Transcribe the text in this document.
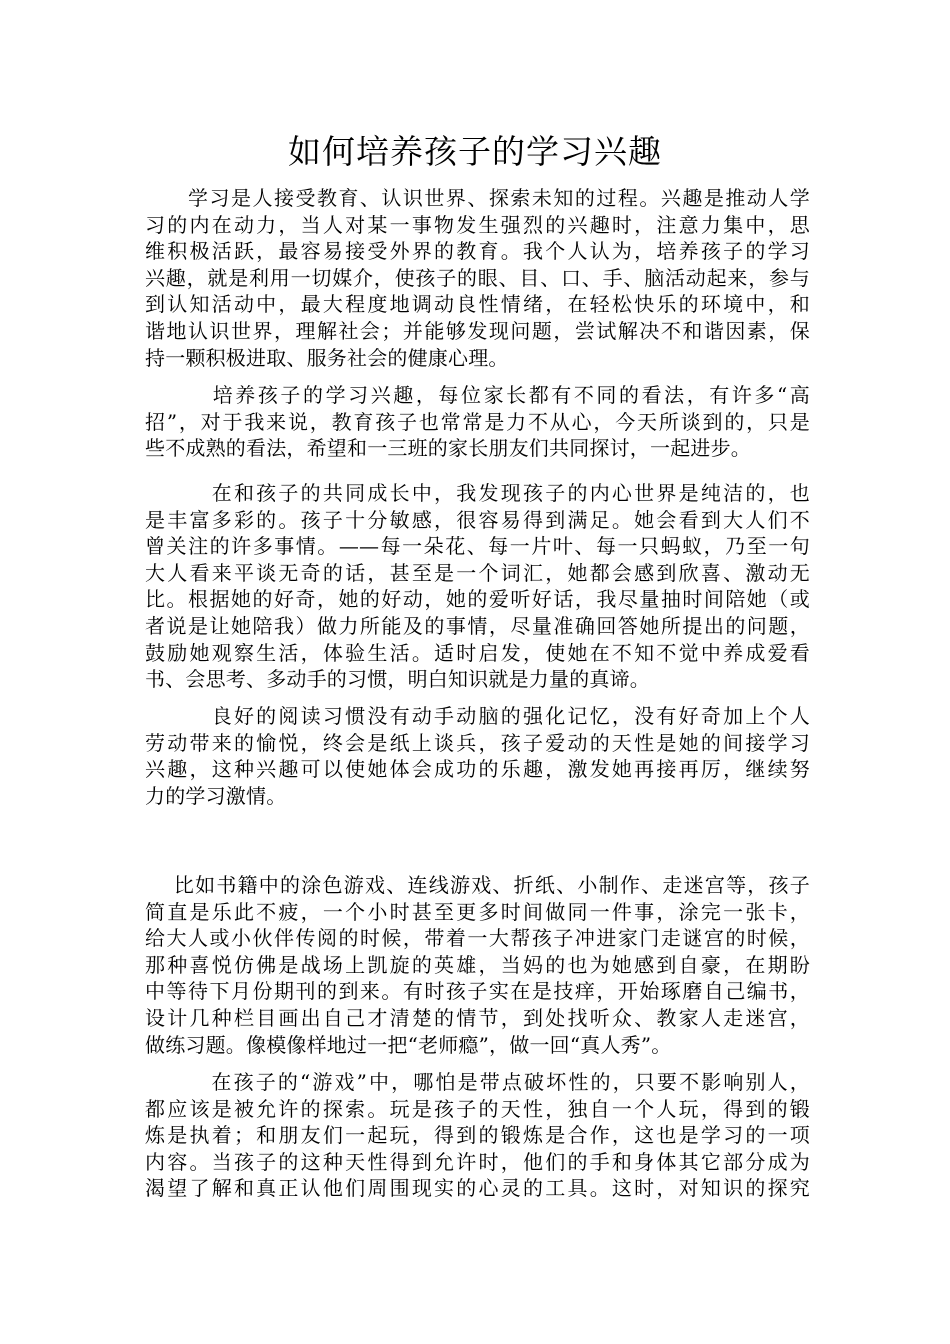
如何培养孩子的学习兴趣
　　学习是人接受教育、认识世界、探索未知的过程。兴趣是推动人学
习的内在动力，当人对某一事物发生强烈的兴趣时，注意力集中，思
维积极活跃，最容易接受外界的教育。我个人认为，培养孩子的学习
兴趣，就是利用一切媒介，使孩子的眼、目、口、手、脑活动起来，参与
到认知活动中，最大程度地调动良性情绪，在轻松快乐的环境中，和
谐地认识世界，理解社会；并能够发现问题，尝试解决不和谐因素，保
持一颗积极进取、服务社会的健康心理。
　　　培养孩子的学习兴趣，每位家长都有不同的看法，有许多“高
招”，对于我来说，教育孩子也常常是力不从心，今天所谈到的，只是
些不成熟的看法，希望和一三班的家长朋友们共同探讨，一起进步。
　　　在和孩子的共同成长中，我发现孩子的内心世界是纯洁的，也
是丰富多彩的。孩子十分敏感，很容易得到满足。她会看到大人们不
曾关注的许多事情。——每一朵花、每一片叶、每一只蚂蚁，乃至一句
大人看来平谈无奇的话，甚至是一个词汇，她都会感到欣喜、激动无
比。根据她的好奇，她的好动，她的爱听好话，我尽量抽时间陪她（或
者说是让她陪我）做力所能及的事情，尽量准确回答她所提出的问题，
鼓励她观察生活，体验生活。适时启发，使她在不知不觉中养成爱看
书、会思考、多动手的习惯，明白知识就是力量的真谛。
　　　良好的阅读习惯没有动手动脑的强化记忆，没有好奇加上个人
劳动带来的愉悦，终会是纸上谈兵，孩子爱动的天性是她的间接学习
兴趣，这种兴趣可以使她体会成功的乐趣，激发她再接再厉，继续努
力的学习激情。
　 比如书籍中的涂色游戏、连线游戏、折纸、小制作、走迷宫等，孩子
简直是乐此不疲，一个小时甚至更多时间做同一件事，涂完一张卡，
给大人或小伙伴传阅的时候，带着一大帮孩子冲进家门走谜宫的时候，
那种喜悦仿佛是战场上凯旋的英雄，当妈的也为她感到自豪，在期盼
中等待下月份期刊的到来。有时孩子实在是技痒，开始琢磨自己编书，
设计几种栏目画出自己才清楚的情节，到处找听众、教家人走迷宫，
做练习题。像模像样地过一把“老师瘾”，做一回“真人秀”。
　　　在孩子的“游戏”中，哪怕是带点破坏性的，只要不影响别人，
都应该是被允许的探索。玩是孩子的天性，独自一个人玩，得到的锻
炼是执着；和朋友们一起玩，得到的锻炼是合作，这也是学习的一项
内容。当孩子的这种天性得到允许时，他们的手和身体其它部分成为
渴望了解和真正认他们周围现实的心灵的工具。这时，对知识的探究
